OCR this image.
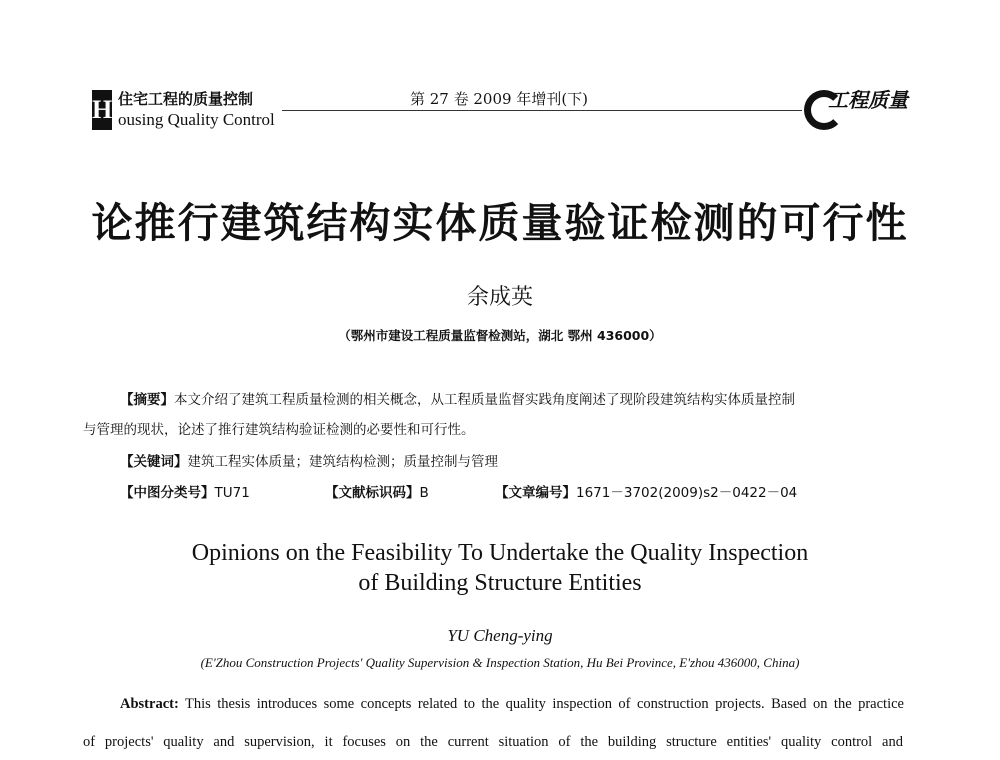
H 住宅工程的质量控制
ousing Quality Control
第 27 卷 2009 年增刊(下)	工程质量
论推行建筑结构实体质量验证检测的可行性
余成英
（鄂州市建设工程质量监督检测站，湖北 鄂州 436000）
【摘要】本文介绍了建筑工程质量检测的相关概念，从工程质量监督实践角度阐述了现阶段建筑结构实体质量控制
与管理的现状，论述了推行建筑结构验证检测的必要性和可行性。
【关键词】建筑工程实体质量；建筑结构检测；质量控制与管理
【中图分类号】TU71	【文献标识码】B	【文章编号】1671－3702(2009)s2－0422－04
Opinions on the Feasibility To Undertake the Quality Inspection
of Building Structure Entities
YU Cheng-ying
(E'Zhou Construction Projects' Quality Supervision & Inspection Station, Hu Bei Province, E'zhou 436000, China)
Abstract: This thesis introduces some concepts related to the quality inspection of construction projects. Based on the practice
of projects' quality and supervision, it focuses on the current situation of the building structure entities' quality control and
